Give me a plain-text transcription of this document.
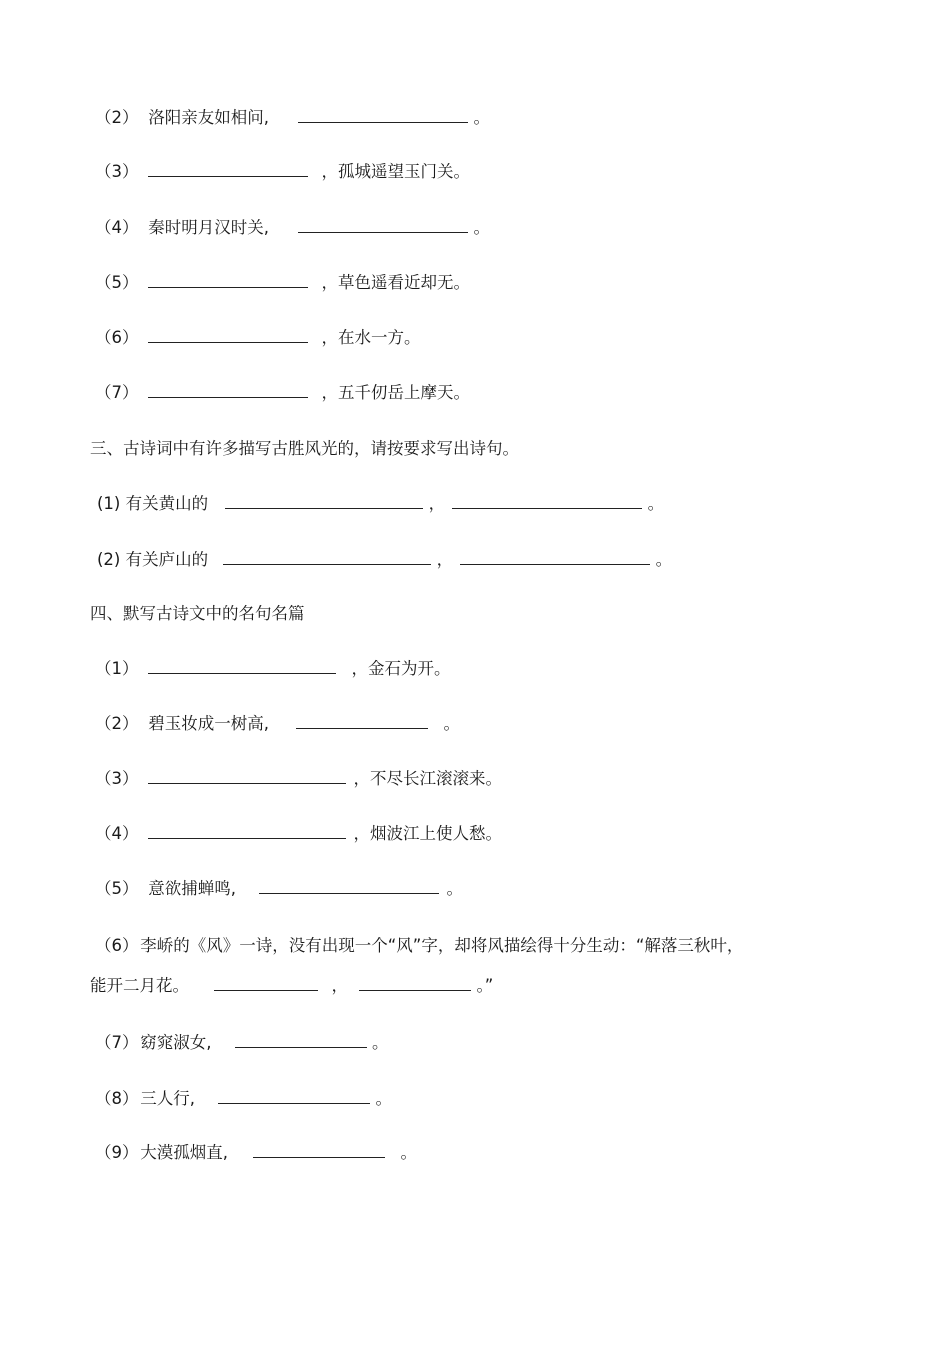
（2） 洛阳亲友如相问,	。
（3）	，孤城遥望玉门关。
（4） 秦时明月汉时关,	。
（5）	，草色遥看近却无。
（6）	，在水一方。
（7）	，五千仞岳上摩天。
三、古诗词中有许多描写古胜风光的，请按要求写出诗句。
(1) 有关黄山的	，	。
(2) 有关庐山的	，	。
四、默写古诗文中的名句名篇
（1）	，金石为开。
（2） 碧玉妆成一树高,	。
（3）	，不尽长江滚滚来。
（4）	，烟波江上使人愁。
（5） 意欲捕蝉鸣,	。
（6） 李峤的《风》一诗，没有出现一个“风”字，却将风描绘得十分生动：“解落三秋叶，
能开二月花。	，	。”
（7） 窈窕淑女,	。
（8） 三人行,	。
（9） 大漠孤烟直,	。
